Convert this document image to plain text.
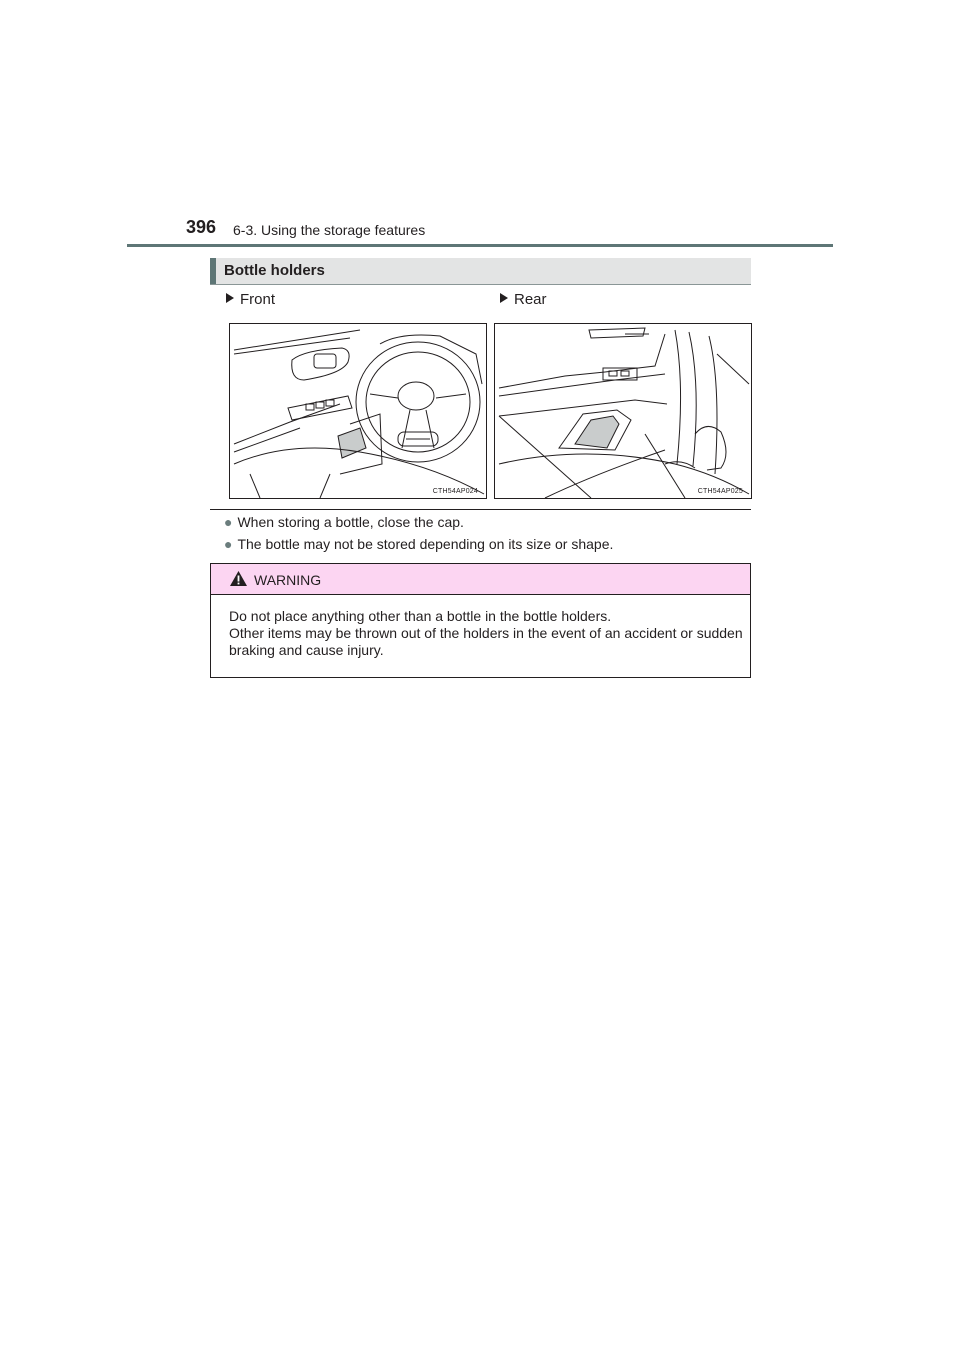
396 6-3. Using the storage features
Bottle holders
Front	Rear
CTH54AP024	CTH54AP025
● When storing a bottle, close the cap.
● The bottle may not be stored depending on its size or shape.
WARNING
Do not place anything other than a bottle in the bottle holders.
Other items may be thrown out of the holders in the event of an accident or sudden braking and cause injury.
